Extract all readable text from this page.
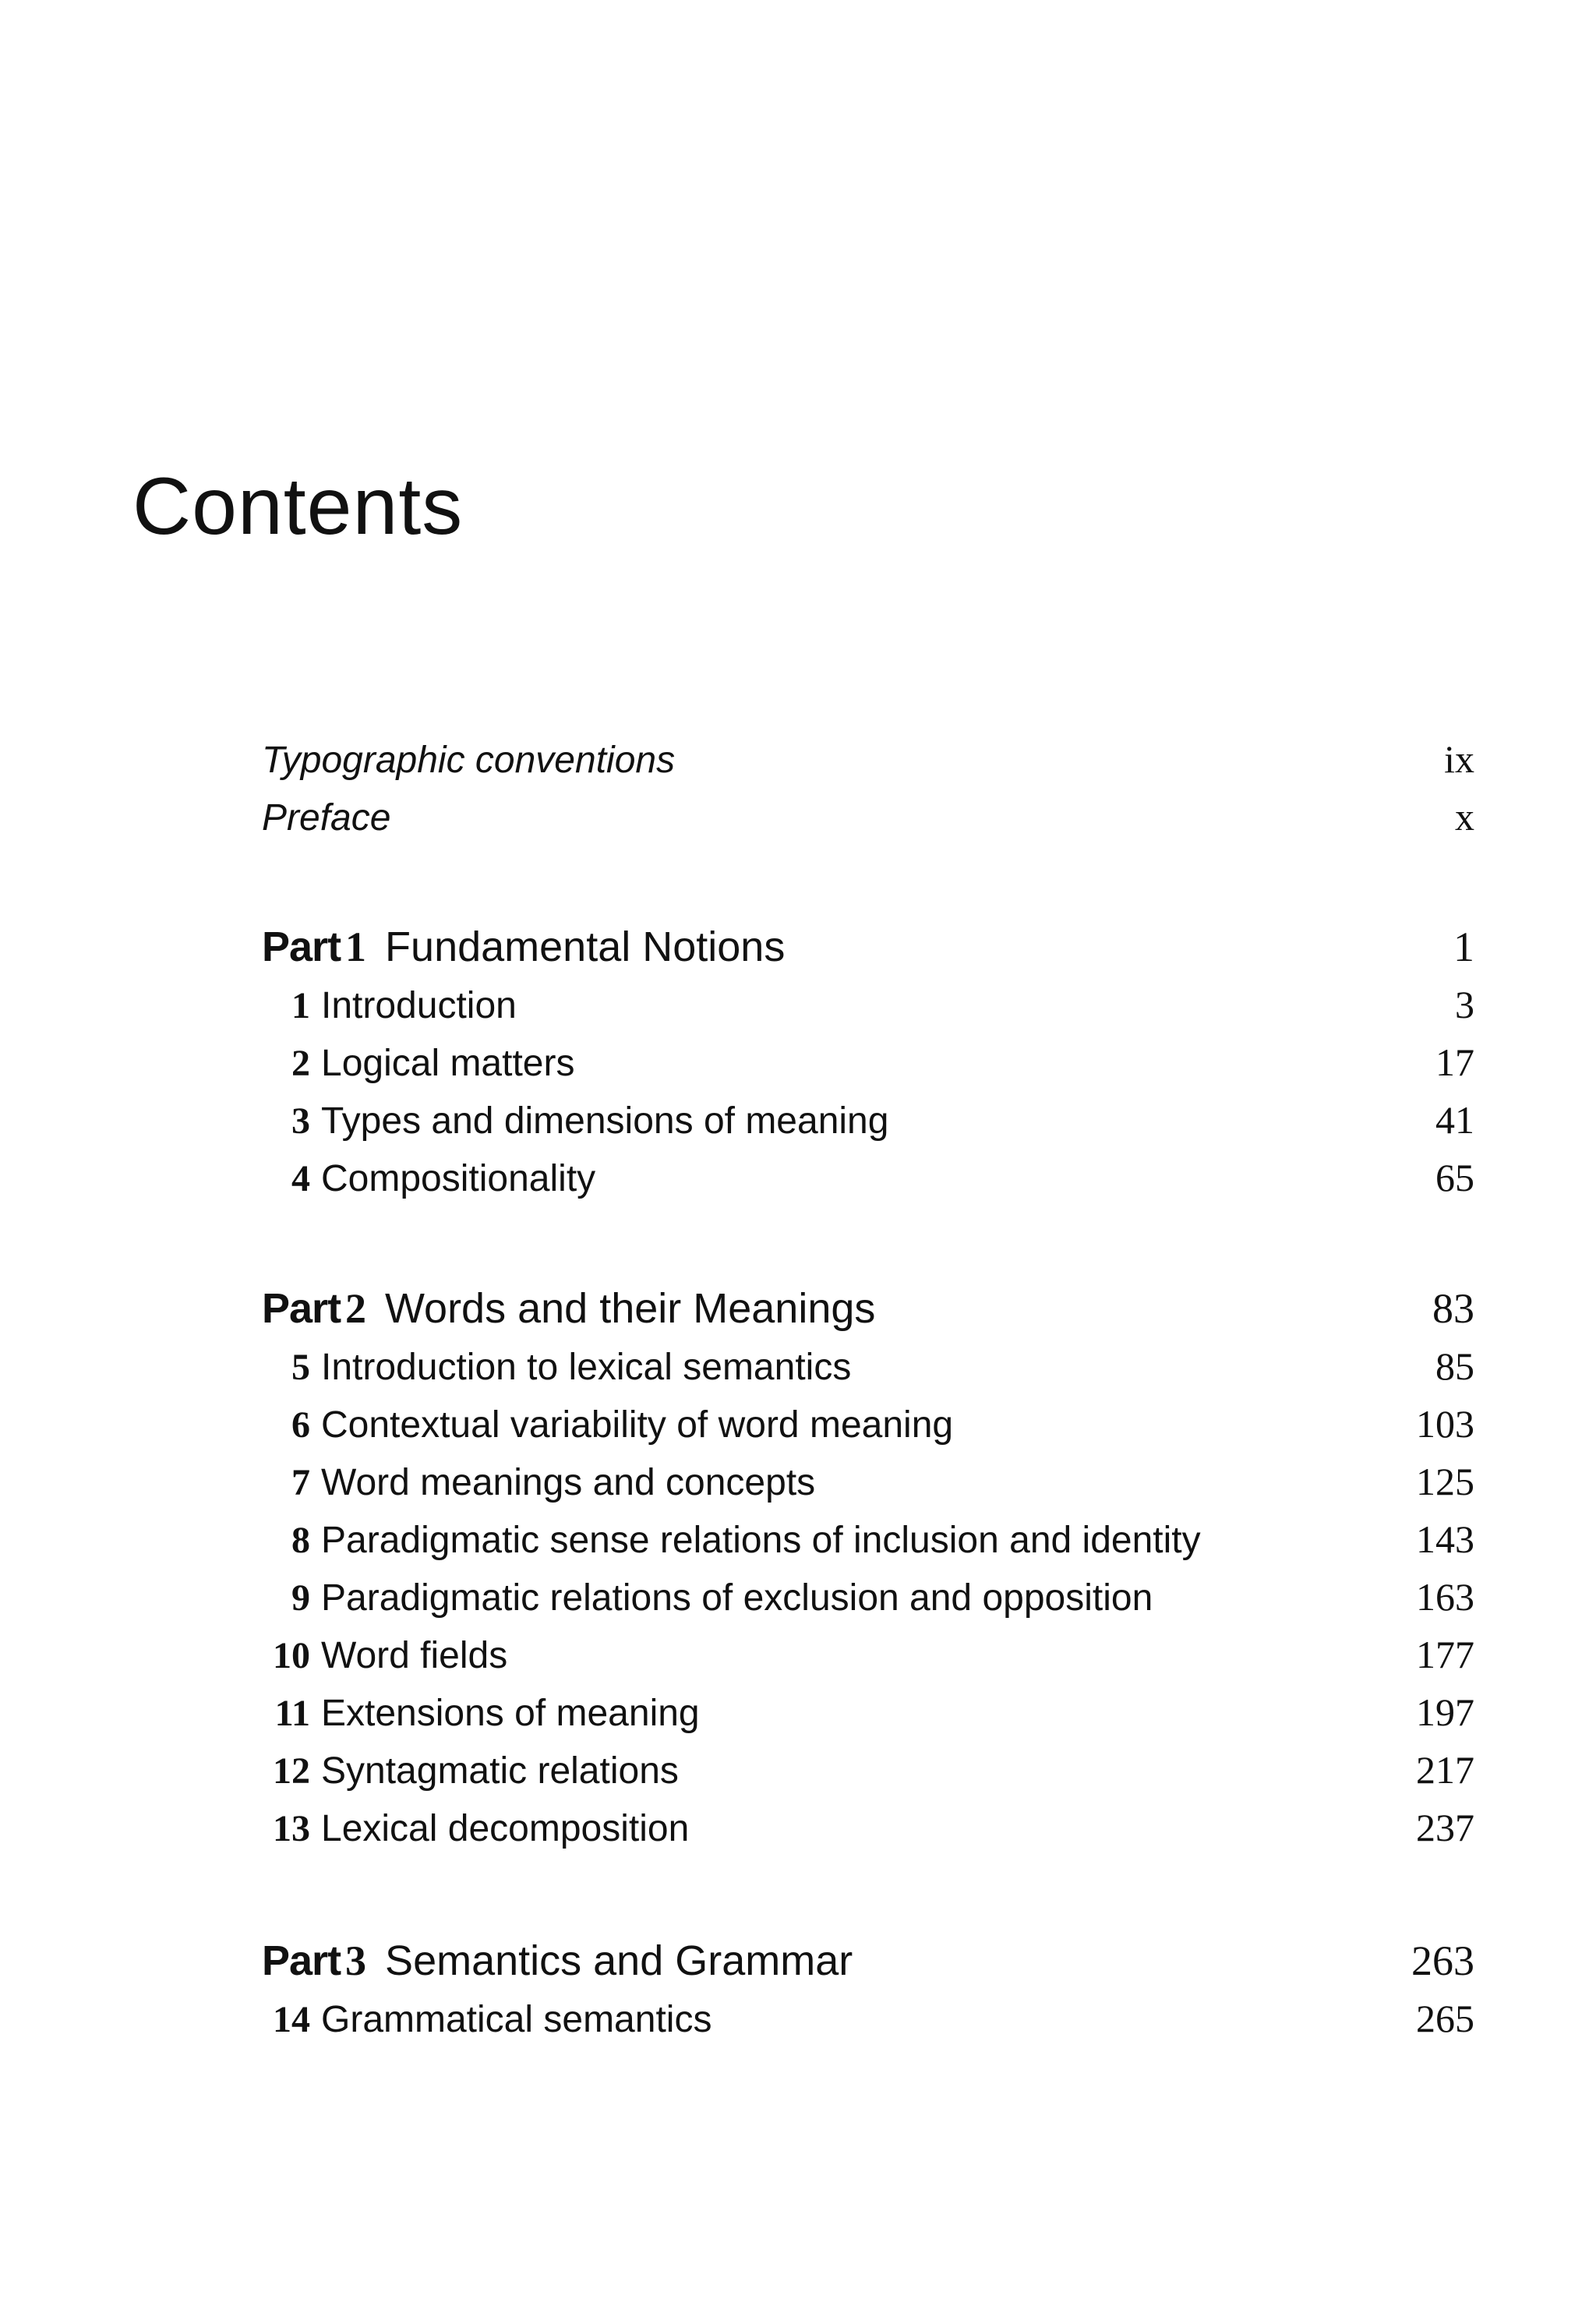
Contents
Typographic conventions	ix
Preface	x
Part 1 Fundamental Notions	1
1 Introduction	3
2 Logical matters	17
3 Types and dimensions of meaning	41
4 Compositionality	65
Part 2 Words and their Meanings	83
5 Introduction to lexical semantics	85
6 Contextual variability of word meaning	103
7 Word meanings and concepts	125
8 Paradigmatic sense relations of inclusion and identity	143
9 Paradigmatic relations of exclusion and opposition	163
10 Word fields	177
11 Extensions of meaning	197
12 Syntagmatic relations	217
13 Lexical decomposition	237
Part 3 Semantics and Grammar	263
14 Grammatical semantics	265
